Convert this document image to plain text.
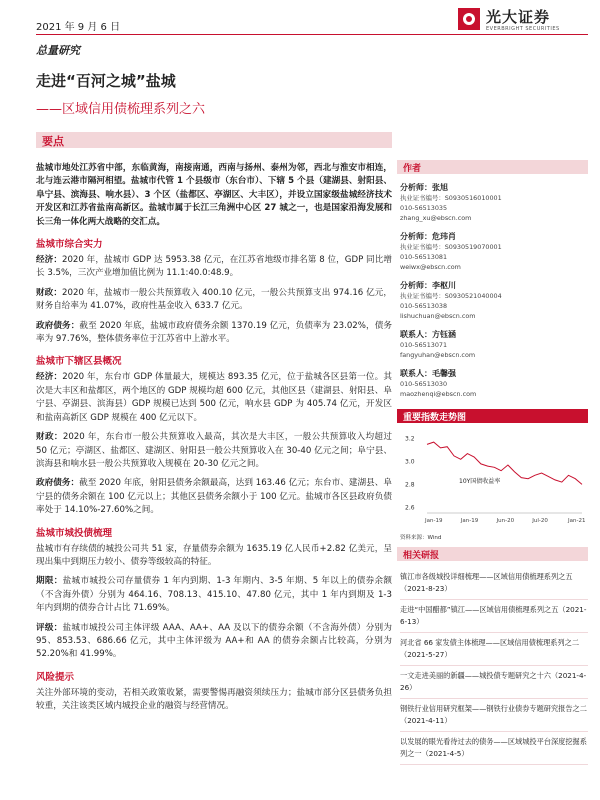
2021 年 9 月 6 日
光大证券
EVERBRIGHT SECURITIES
总量研究
走进“百河之城”盐城
——区域信用债梳理系列之六
要点

盐城市地处江苏省中部，东临黄海，南接南通，西南与扬州、泰州为邻，西北与淮安市相连，北与连云港市隔河相望。盐城市代管 1 个县级市（东台市）、下辖 5 个县（建湖县、射阳县、阜宁县、滨海县、响水县）、3 个区（盐都区、亭湖区、大丰区），并设立国家级盐城经济技术开发区和江苏省盐南高新区。盐城市属于长江三角洲中心区 27 城之一，也是国家沿海发展和长三角一体化两大战略的交汇点。

盐城市综合实力

经济：2020 年，盐城市 GDP 达 5953.38 亿元，在江苏省地级市排名第 8 位，GDP 同比增长 3.5%，三次产业增加值比例为 11.1:40.0:48.9。

财政：2020 年，盐城市一般公共预算收入 400.10 亿元，一般公共预算支出 974.16 亿元，财务自给率为 41.07%，政府性基金收入 633.7 亿元。

政府债务：截至 2020 年底，盐城市政府债务余额 1370.19 亿元，负债率为 23.02%，债务率为 97.76%，整体债务率位于江苏省中上游水平。

盐城市下辖区县概况

经济：2020 年，东台市 GDP 体量最大，规模达 893.35 亿元，位于盐城各区县第一位。其次是大丰区和盐都区，两个地区的 GDP 规模均超 600 亿元，其他区县（建湖县、射阳县、阜宁县、亭湖县、滨海县）GDP 规模已达到 500 亿元，响水县 GDP 为 405.74 亿元，开发区和盐南高新区 GDP 规模在 400 亿元以下。

财政：2020 年，东台市一般公共预算收入最高，其次是大丰区，一般公共预算收入均超过 50 亿元；亭湖区、盐都区、建湖区、射阳县一般公共预算收入在 30-40 亿元之间；阜宁县、滨海县和响水县一般公共预算收入规模在 20-30 亿元之间。

政府债务：截至 2020 年底，射阳县债务余额最高，达到 163.46 亿元；东台市、建湖县、阜宁县的债务余额在 100 亿元以上；其他区县债务余额小于 100 亿元。盐城市各区县政府负债率处于 14.10%-27.60%之间。

盐城市城投债梳理

盐城市有存续债的城投公司共 51 家，存量债券余额为 1635.19 亿人民币+2.82 亿美元，呈现出集中到期压力较小、债券等级较高的特征。

期限：盐城市城投公司存量债券 1 年内到期、1-3 年期内、3-5 年期、5 年以上的债券余额（不含海外债）分别为 464.16、708.13、415.10、47.80 亿元，其中 1 年内到期及 1-3 年内到期的债券合计占比 71.69%。

评级：盐城市城投公司主体评级 AAA、AA+、AA 及以下的债券余额（不含海外债）分别为 95、853.53、686.66 亿元，其中主体评级为 AA+和 AA 的债券余额占比较高，分别为 52.20%和 41.99%。

风险提示

关注外部环境的变动，若相关政策收紧，需要警惕再融资须续压力；盐城市部分区县债务负担较重，关注该类区域内城投企业的融资与经营情况。

作者
分析师：张旭
执业证书编号：S0930516010001
010-56513035
zhang_xu@ebscn.com
分析师：危玮肖
执业证书编号：S0930519070001
010-56513081
weiwx@ebscn.com
分析师：李枢川
执业证书编号：S0930521040004
010-56513038
lishuchuan@ebscn.com
联系人：方钰涵
010-56513071
fangyuhan@ebscn.com
联系人：毛馨强
010-56513030
maozhenqi@ebscn.com
重要指数走势图
2.6
2.8
3.0
3.2
10Y国债收益率
Jan-19	Jan-19	Jun-20	Jul-20	Jan-21
资料来源：Wind
相关研报
镇江市各级城投详细梳理——区域信用债梳理系列之五（2021-8-23）
走进“中国醋都”镇江——区域信用债梳理系列之五（2021-6-13）
河北省 66 家发债主体梳理——区域信用债梳理系列之二（2021-5-27）
一文走进美丽的新疆——城投债专题研究之十六（2021-4-26）
钢铁行业信用研究框架——钢铁行业债券专题研究报告之二（2021-4-11）
以发展的眼光看待过去的债务——区域城投平台深度挖掘系列之一（2021-4-5）
